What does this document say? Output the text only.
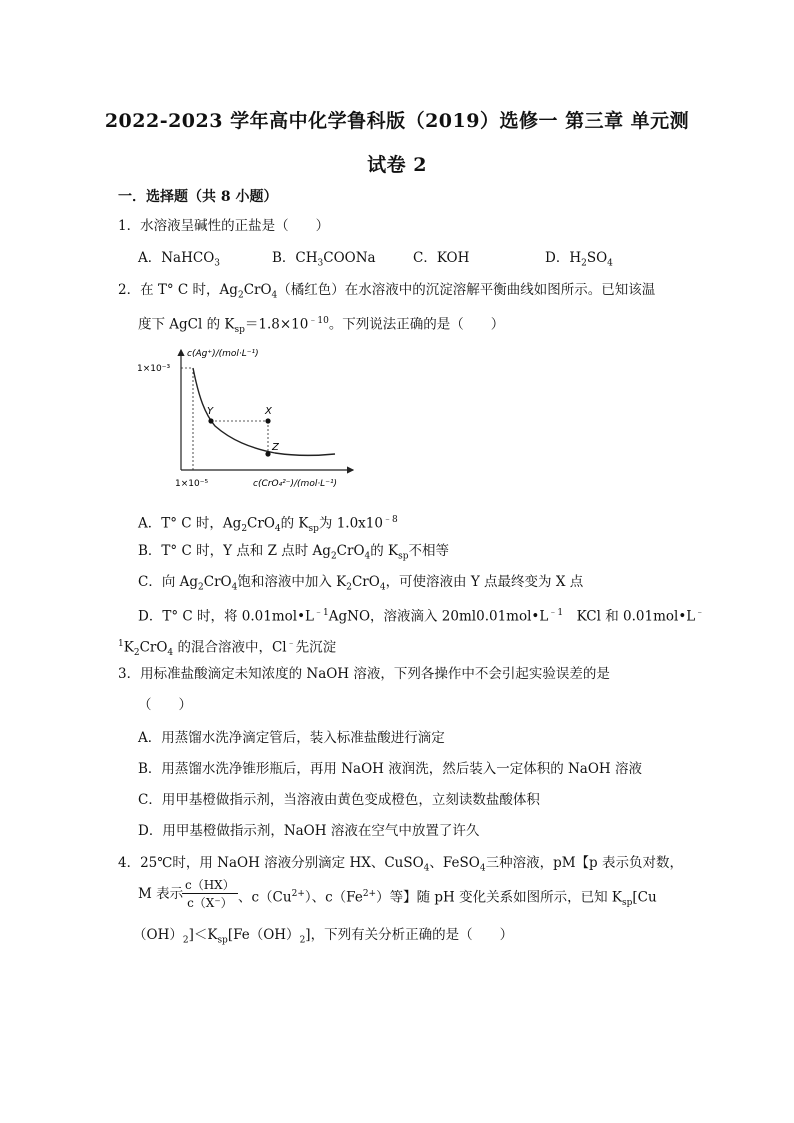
2022-2023 学年高中化学鲁科版（2019）选修一 第三章 单元测
试卷 2
一．选择题（共 8 小题）
1．水溶液呈碱性的正盐是（　　）
A．NaHCO$_3$	B．$CH_3COONa$	C．KOH	D．$H_2SO_4$
2．在 T° C 时，$Ag_2CrO_4$（橘红色）在水溶液中的沉淀溶解平衡曲线如图所示。已知该温
度下 AgCl 的 $K_{sp}=1.8\times 10^{﹣10}$。下列说法正确的是（　　）
Y	X
Z
c(Ag⁺)/(mol·L⁻¹)
1×10⁻³
1×10⁻⁵	c(CrO₄²⁻)/(mol·L⁻¹)
A．T° C 时，$Ag_2CrO_4$的 $K_{sp}$为 $1.0x10^{﹣8}$
B．T° C 时，Y 点和 Z 点时 $Ag_2CrO_4$的 $K_{sp}$不相等
C．向 $Ag_2CrO_4$饱和溶液中加入 $K_2CrO_4$，可使溶液由 Y 点最终变为 X 点
D．T° C 时，将 $0.01mol•L^{﹣1}AgNO$，溶液滴入 $20ml0.01mol•L^{﹣1}$　KCl 和 0.01mol•L﹣
$^1K_2CrO_4$ 的混合溶液中，Cl﹣先沉淀
3．用标准盐酸滴定未知浓度的 NaOH 溶液，下列各操作中不会引起实验误差的是
（　　）
A．用蒸馏水洗净滴定管后，装入标准盐酸进行滴定
B．用蒸馏水洗净锥形瓶后，再用 NaOH 液润洗，然后装入一定体积的 NaOH 溶液
C．用甲基橙做指示剂，当溶液由黄色变成橙色，立刻读数盐酸体积
D．用甲基橙做指示剂，NaOH 溶液在空气中放置了许久
4．25℃时，用 NaOH 溶液分别滴定 HX、CuSO$_4$、FeSO$_4$三种溶液，pM【p 表示负对数，
M 表示
$\frac{c(HX)}{c(X^-)}$ 、$c(Cu^{2+})$、$c(Fe^{2+})$等】随 pH 变化关系如图所示，已知 $K_{sp}[Cu$
$(OH)_2]<K_{sp}[Fe(OH)_2]$，下列有关分析正确的是（　　）
